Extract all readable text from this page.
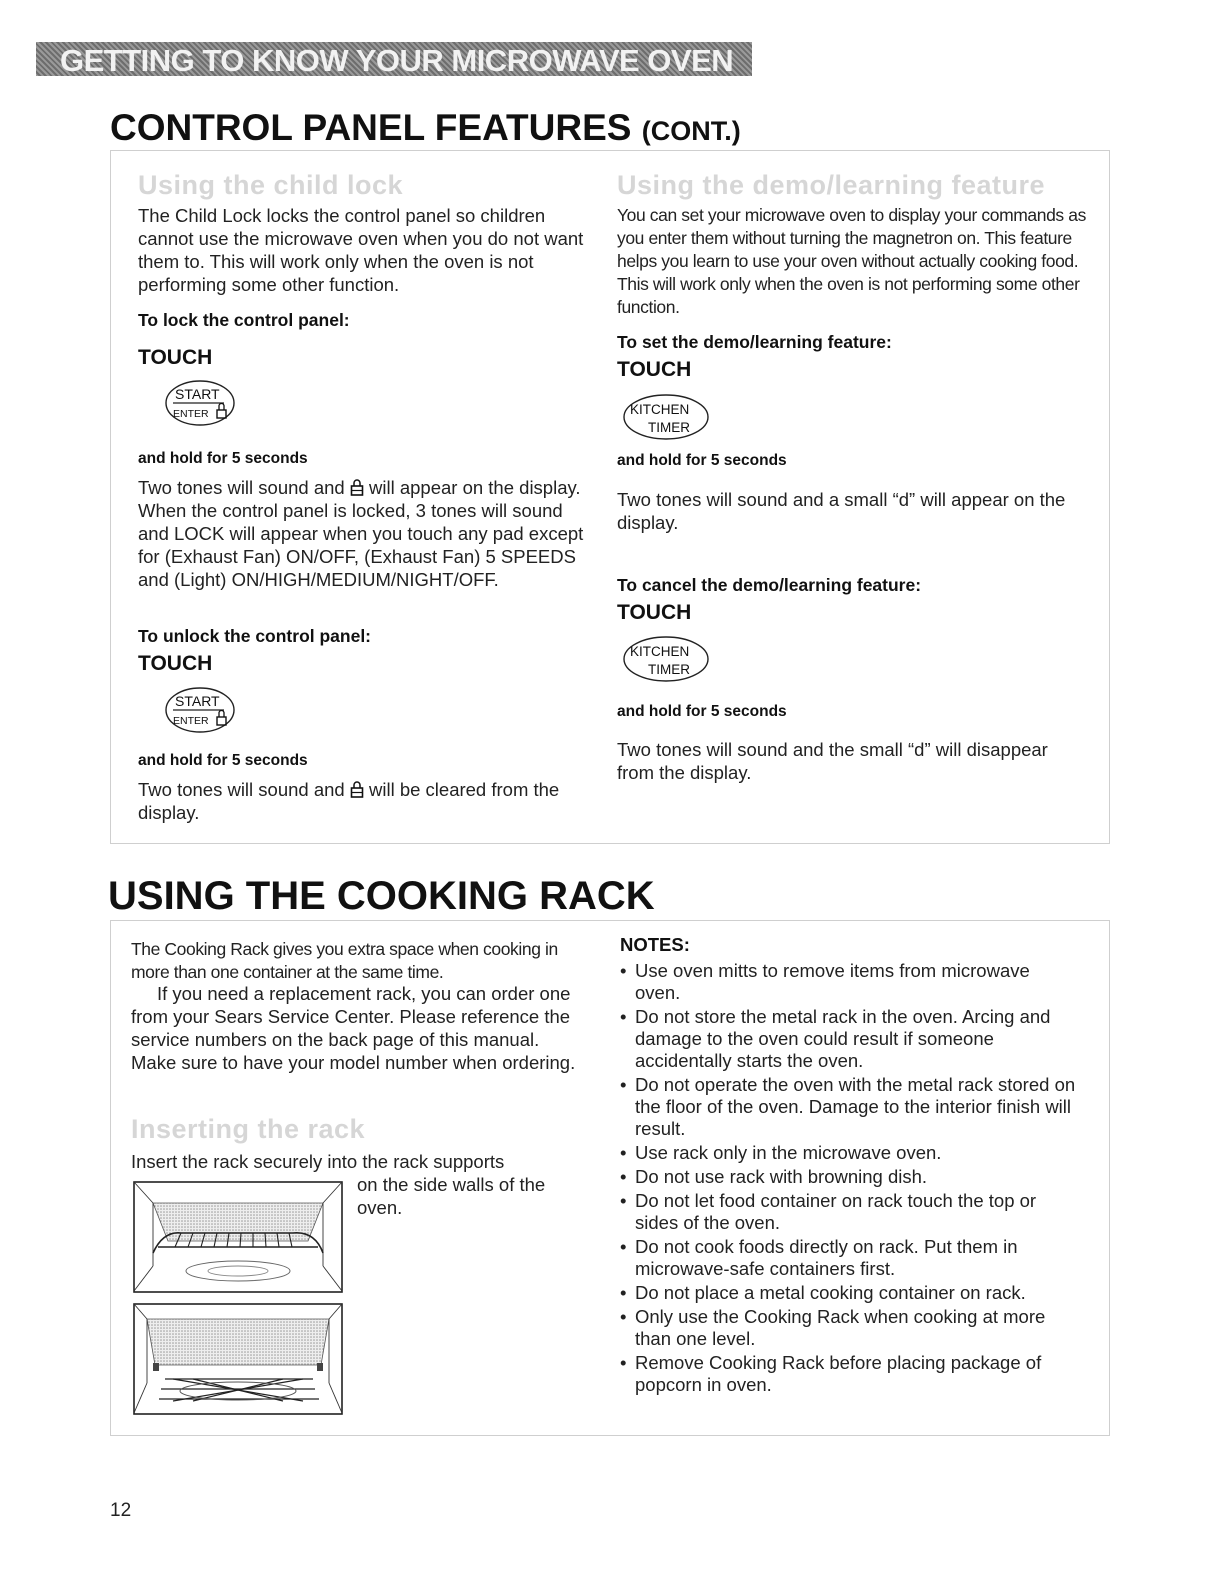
GETTING TO KNOW YOUR MICROWAVE OVEN
CONTROL PANEL FEATURES (CONT.)
Using the child lock
The Child Lock locks the control panel so children cannot use the microwave oven when you do not want them to. This will work only when the oven is not performing some other function.
To lock the control panel:
TOUCH
START
ENTER
and hold for 5 seconds
Two tones will sound and will appear on the display. When the control panel is locked, 3 tones will sound and LOCK will appear when you touch any pad except for (Exhaust Fan) ON/OFF, (Exhaust Fan) 5 SPEEDS and (Light) ON/HIGH/MEDIUM/NIGHT/OFF.
To unlock the control panel:
TOUCH
START
ENTER
and hold for 5 seconds
Two tones will sound and will be cleared from the display.
Using the demo/learning feature
You can set your microwave oven to display your commands as you enter them without turning the magnetron on. This feature helps you learn to use your oven without actually cooking food. This will work only when the oven is not performing some other function.
To set the demo/learning feature:
TOUCH
KITCHEN
TIMER
and hold for 5 seconds
Two tones will sound and a small “d” will appear on the display.
To cancel the demo/learning feature:
TOUCH
KITCHEN
TIMER
and hold for 5 seconds
Two tones will sound and the small “d” will disappear from the display.
USING THE COOKING RACK
The Cooking Rack gives you extra space when cooking in more than one container at the same time.
If you need a replacement rack, you can order one from your Sears Service Center. Please reference the service numbers on the back page of this manual. Make sure to have your model number when ordering.
Inserting the rack
Insert the rack securely into the rack supports
on the side walls of the oven.
NOTES:
• Use oven mitts to remove items from microwave oven.
• Do not store the metal rack in the oven. Arcing and damage to the oven could result if someone accidentally starts the oven.
• Do not operate the oven with the metal rack stored on the floor of the oven. Damage to the interior finish will result.
• Use rack only in the microwave oven.
• Do not use rack with browning dish.
• Do not let food container on rack touch the top or sides of the oven.
• Do not cook foods directly on rack. Put them in microwave-safe containers first.
• Do not place a metal cooking container on rack.
• Only use the Cooking Rack when cooking at more than one level.
• Remove Cooking Rack before placing package of popcorn in oven.
12
